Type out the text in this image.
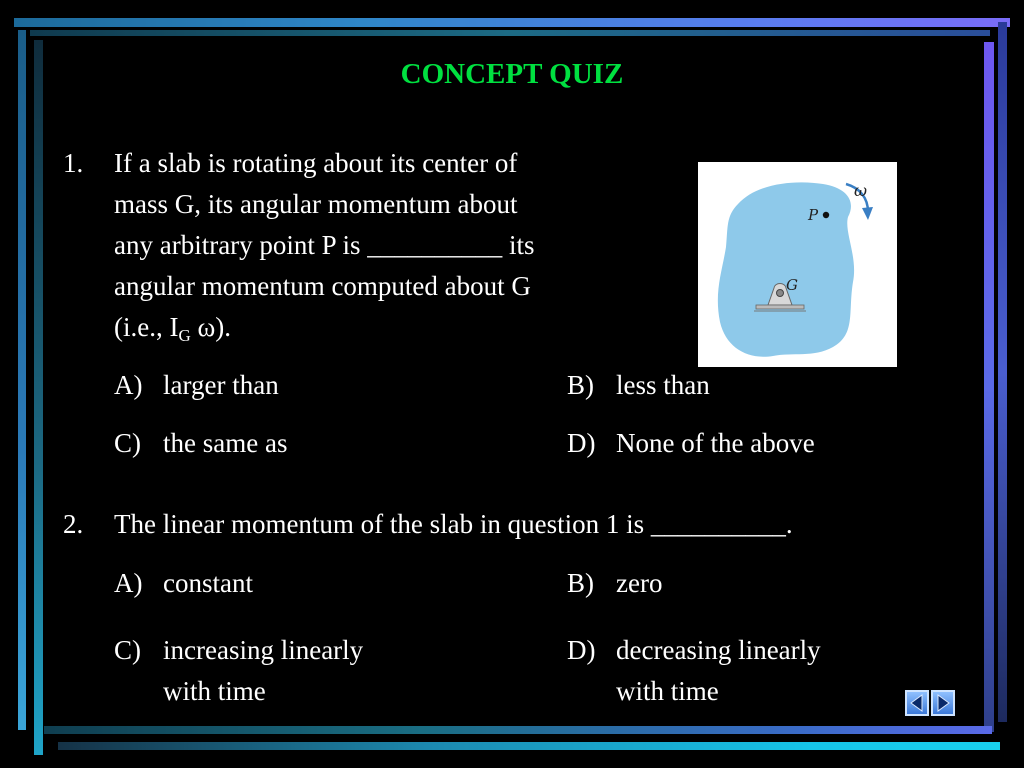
CONCEPT QUIZ
1. If a slab is rotating about its center of
mass G, its angular momentum about
any arbitrary point P is __________ its
angular momentum computed about G
(i.e., $I_G$ ω).
A) larger than	B) less than
C) the same as	D) None of the above
ω
P
G
2. The linear momentum of the slab in question 1 is __________.
A) constant	B) zero
C) increasing linearly
with time
D) decreasing linearly
with time
